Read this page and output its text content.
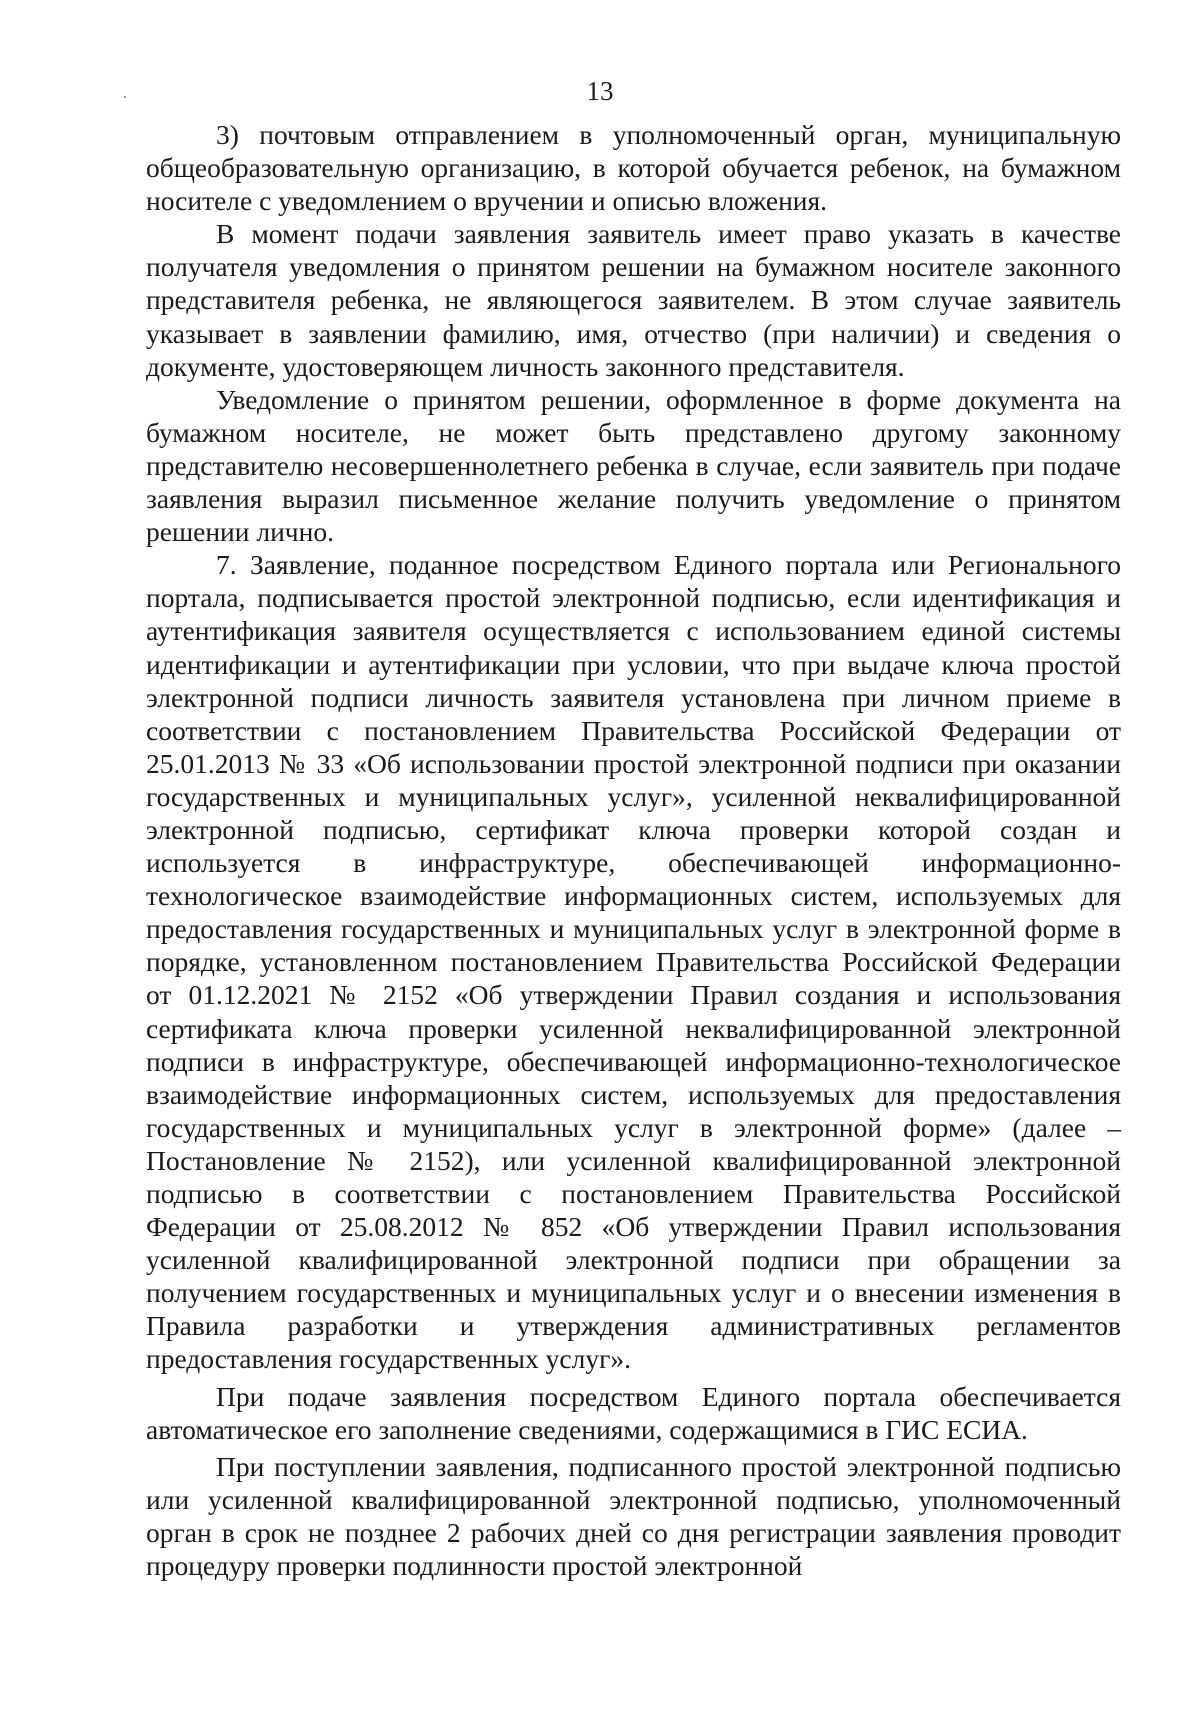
13

3) почтовым отправлением в уполномоченный орган, муниципальную общеобразовательную организацию, в которой обучается ребенок, на бумажном носителе с уведомлением о вручении и описью вложения.

В момент подачи заявления заявитель имеет право указать в качестве получателя уведомления о принятом решении на бумажном носителе законного представителя ребенка, не являющегося заявителем. В этом случае заявитель указывает в заявлении фамилию, имя, отчество (при наличии) и сведения о документе, удостоверяющем личность законного представителя.

Уведомление о принятом решении, оформленное в форме документа на бумажном носителе, не может быть представлено другому законному представителю несовершеннолетнего ребенка в случае, если заявитель при подаче заявления выразил письменное желание получить уведомление о принятом решении лично.

7. Заявление, поданное посредством Единого портала или Регионального портала, подписывается простой электронной подписью, если идентификация и аутентификация заявителя осуществляется с использованием единой системы идентификации и аутентификации при условии, что при выдаче ключа простой электронной подписи личность заявителя установлена при личном приеме в соответствии с постановлением Правительства Российской Федерации от 25.01.2013 № 33 «Об использовании простой электронной подписи при оказании государственных и муниципальных услуг», усиленной неквалифицированной электронной подписью, сертификат ключа проверки которой создан и используется в инфраструктуре, обеспечивающей информационно-технологическое взаимодействие информационных систем, используемых для предоставления государственных и муниципальных услуг в электронной форме в порядке, установленном постановлением Правительства Российской Федерации от 01.12.2021 № 2152 «Об утверждении Правил создания и использования сертификата ключа проверки усиленной неквалифицированной электронной подписи в инфраструктуре, обеспечивающей информационно-технологическое взаимодействие информационных систем, используемых для предоставления государственных и муниципальных услуг в электронной форме» (далее – Постановление № 2152), или усиленной квалифицированной электронной подписью в соответствии с постановлением Правительства Российской Федерации от 25.08.2012 № 852 «Об утверждении Правил использования усиленной квалифицированной электронной подписи при обращении за получением государственных и муниципальных услуг и о внесении изменения в Правила разработки и утверждения административных регламентов предоставления государственных услуг».

При подаче заявления посредством Единого портала обеспечивается автоматическое его заполнение сведениями, содержащимися в ГИС ЕСИА.

При поступлении заявления, подписанного простой электронной подписью или усиленной квалифицированной электронной подписью, уполномоченный орган в срок не позднее 2 рабочих дней со дня регистрации заявления проводит процедуру проверки подлинности простой электронной
